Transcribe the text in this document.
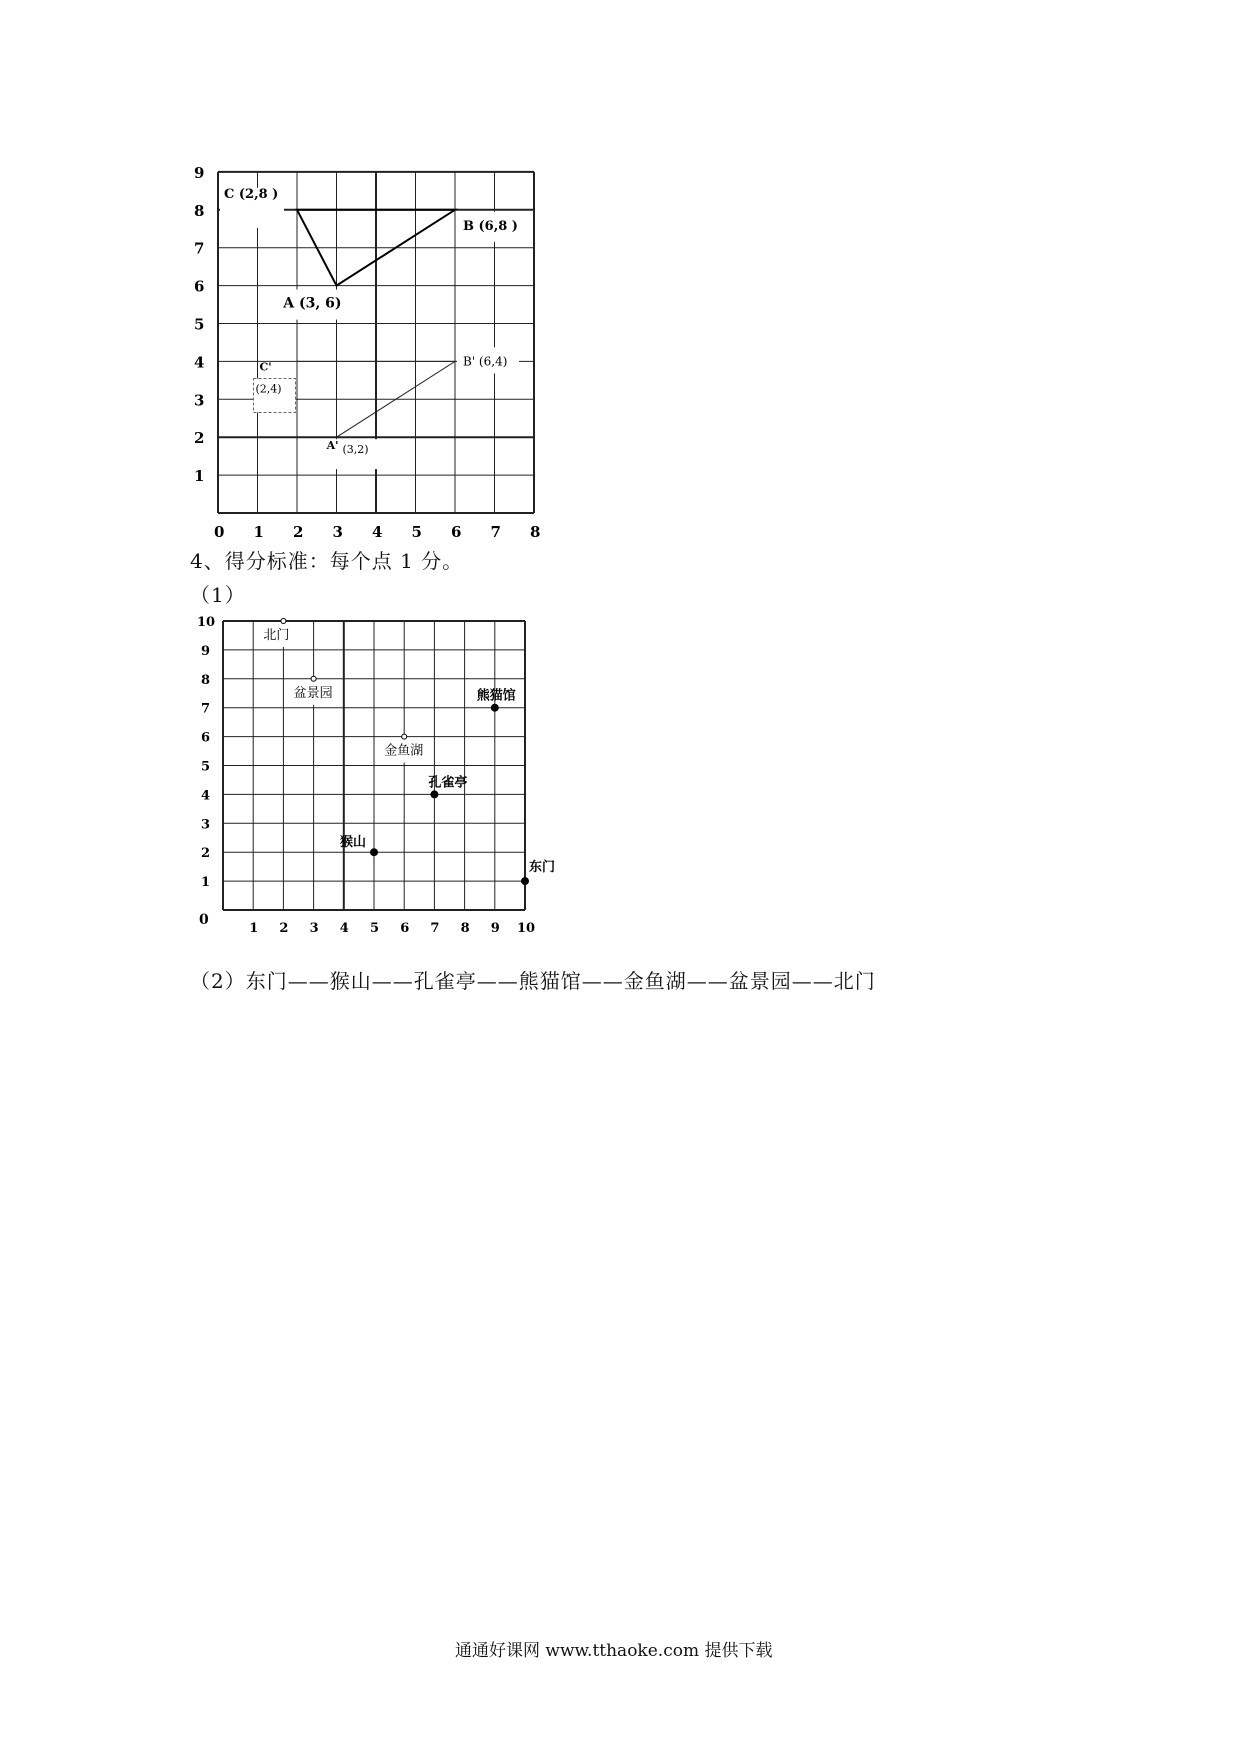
0 1 2 3 4 5 6 7 8
1
2
3
4
5
6
7
8
9
C (2,8 )
B (6,8 )
A (3, 6)
C'
(2,4)
B' (6,4)
A' (3,2)
4、得分标准：每个点 1 分。
（1）
0
1 2 3 4 5 6 7 8 9 10
1
2
3
4
5
6
7
8
9
10
北门
盆景园	熊猫馆
金鱼湖
孔雀亭
猴山
东门
（2）东门——猴山——孔雀亭——熊猫馆——金鱼湖——盆景园——北门
通通好课网 www.tthaoke.com 提供下载
